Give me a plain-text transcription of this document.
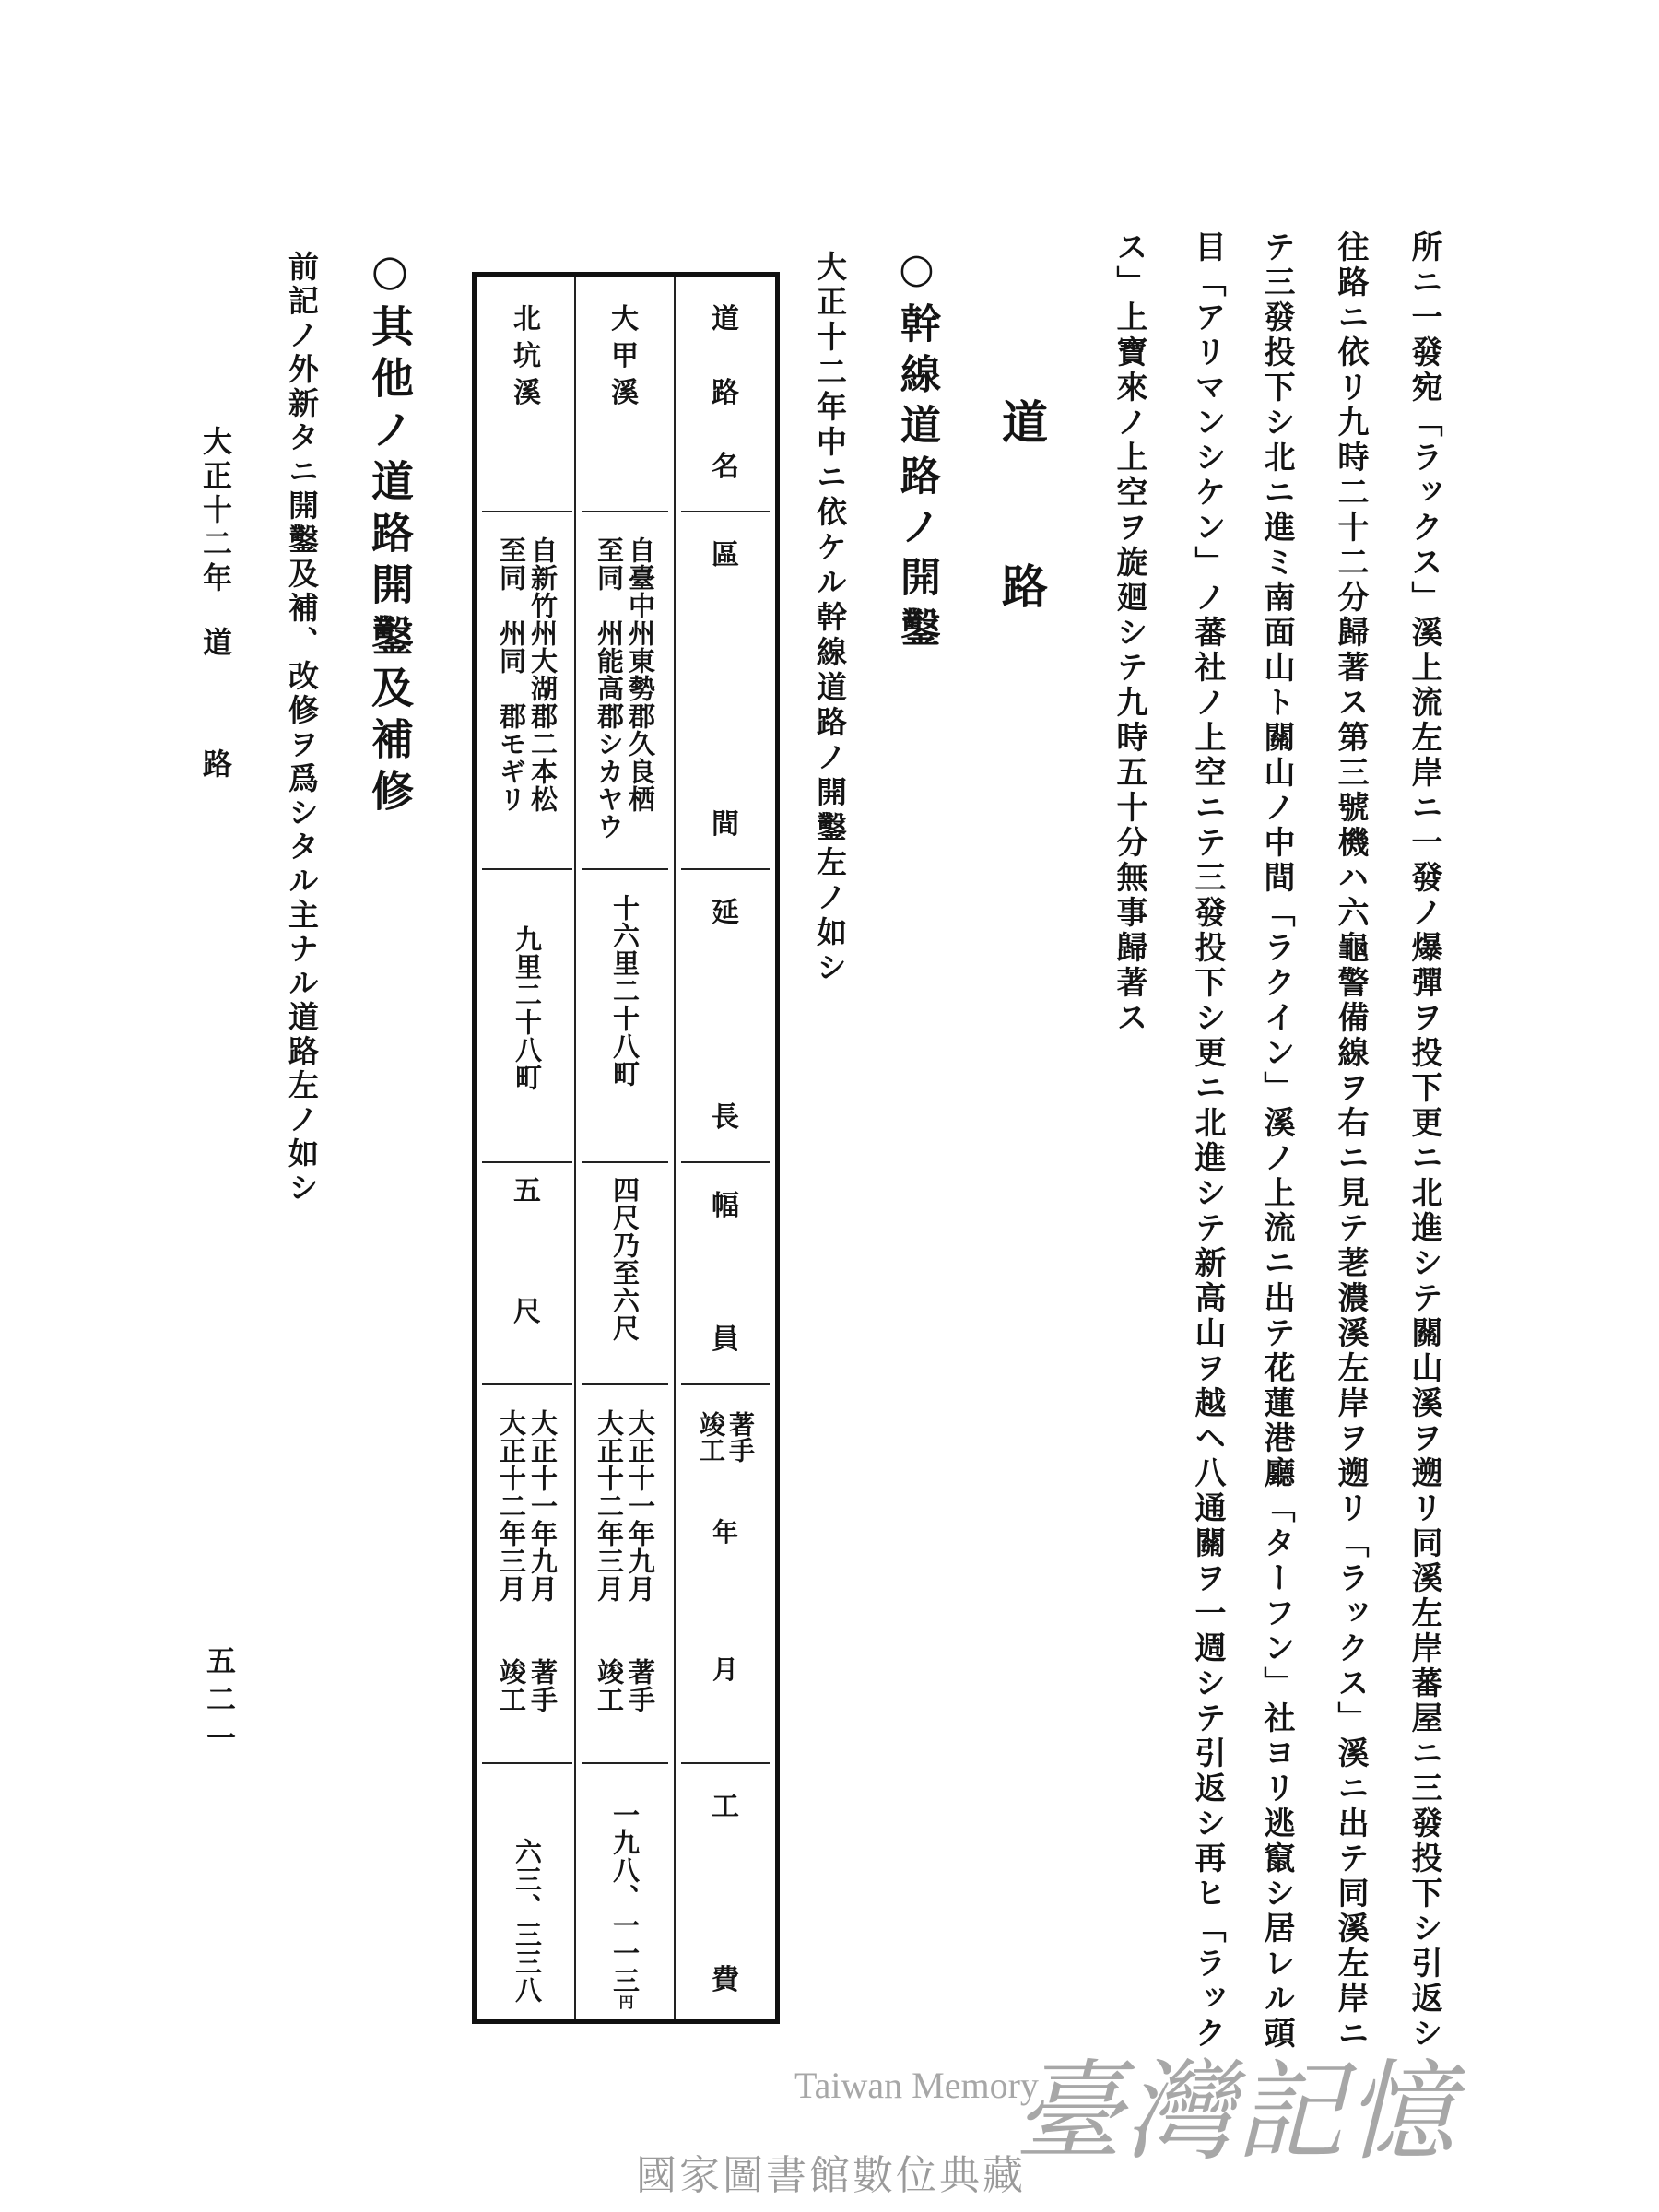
所ニ一發宛「ラックス」溪上流左岸ニ一發ノ爆彈ヲ投下更ニ北進シテ關山溪ヲ遡リ同溪左岸蕃屋ニ三發投下シ引返シ
往路ニ依リ九時二十二分歸著ス第三號機ハ六龜警備線ヲ右ニ見テ荖濃溪左岸ヲ遡リ「ラックス」溪ニ出テ同溪左岸ニ
テ三發投下シ北ニ進ミ南面山ト關山ノ中間「ラクイン」溪ノ上流ニ出テ花蓮港廳「ターフン」社ヨリ逃竄シ居レル頭
目「アリマンシケン」ノ蕃社ノ上空ニテ三發投下シ更ニ北進シテ新高山ヲ越ヘ八通關ヲ一週シテ引返シ再ヒ「ラック
ス」上寶來ノ上空ヲ旋廻シテ九時五十分無事歸著ス
道路
○幹線道路ノ開鑿
大正十二年中ニ依ケル幹線道路ノ開鑿左ノ如シ
道
路
名
區
間
延
長
幅
員
著手
竣工
年
月
工
費
大
甲
溪
自臺中州東勢郡久良栖
至同　州能高郡シカヤウ
十六里二十八町
四尺乃至六尺
大正十一年九月　　著手
大正十二年三月　　竣工
一九八、一一三円
北
坑
溪
自新竹州大湖郡二本松
至同　州同　郡モギリ
九里二十八町
五
尺
大正十一年九月　　著手
大正十二年三月　　竣工
六三、三三八
○其他ノ道路開鑿及補修
前記ノ外新タニ開鑿及補、改修ヲ爲シタル主ナル道路左ノ如シ
大正十二年
道
路
五二一
臺灣記憶
Taiwan Memory
國家圖書館數位典藏
